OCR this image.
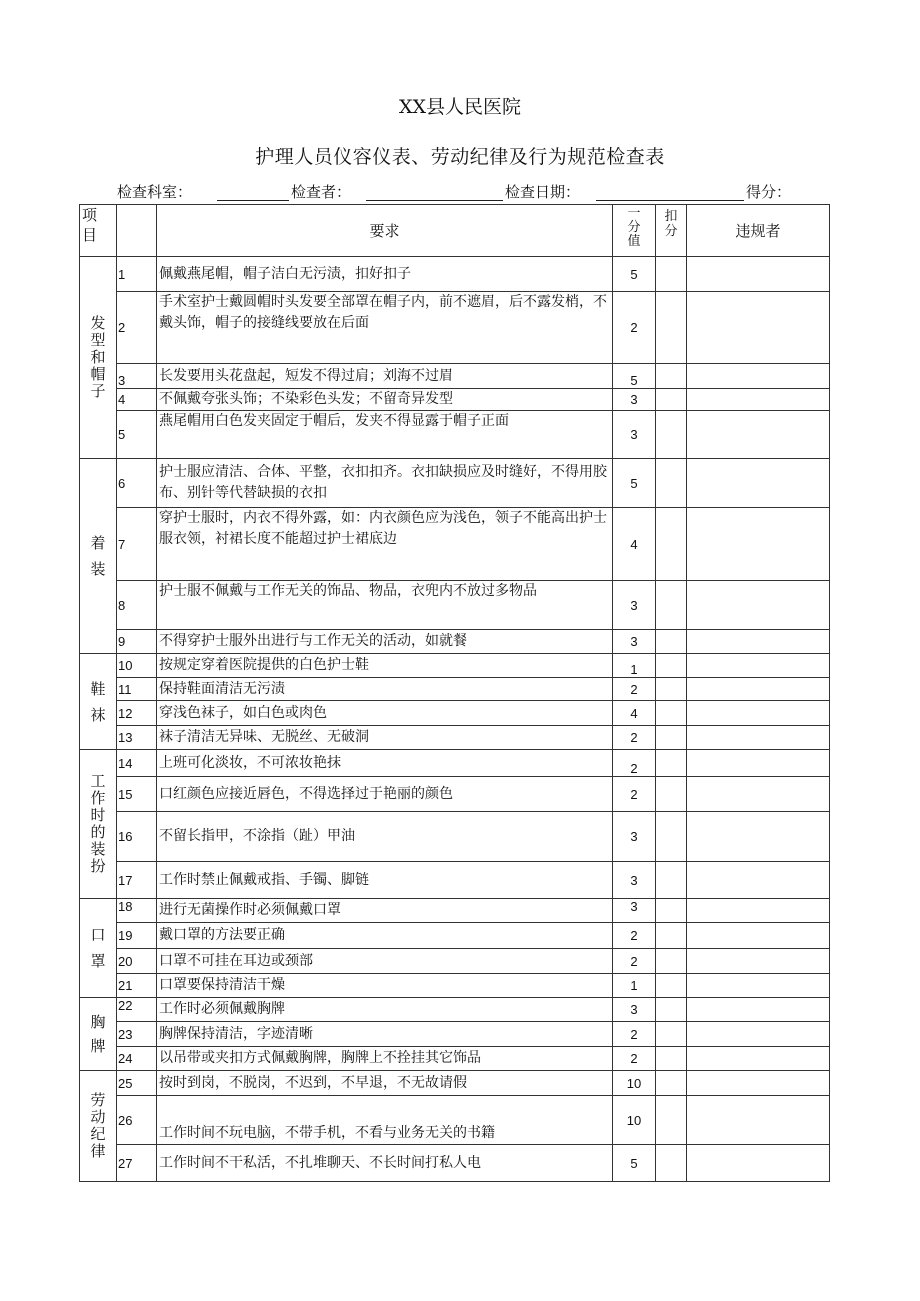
XX县人民医院
护理人员仪容仪表、劳动纪律及行为规范检查表
检查科室：	检查者：	检查日期：	得分：
项目		要求	一分值	扣分	违规者
发型和帽子	1	佩戴燕尾帽，帽子洁白无污渍，扣好扣子	5		
	2	手术室护士戴圆帽时头发要全部罩在帽子内，前不遮眉，后不露发梢，不戴头饰，帽子的接缝线要放在后面	2		
	3	长发要用头花盘起，短发不得过肩；刘海不过眉	5		
	4	不佩戴夸张头饰；不染彩色头发；不留奇异发型	3		
	5	燕尾帽用白色发夹固定于帽后，发夹不得显露于帽子正面	3		
着装	6	护士服应清洁、合体、平整，衣扣扣齐。衣扣缺损应及时缝好，不得用胶布、别针等代替缺损的衣扣	5		
	7	穿护士服时，内衣不得外露，如：内衣颜色应为浅色，领子不能高出护士服衣领，衬裙长度不能超过护士裙底边	4		
	8	护士服不佩戴与工作无关的饰品、物品，衣兜内不放过多物品	3		
	9	不得穿护士服外出进行与工作无关的活动，如就餐	3		
鞋袜	10	按规定穿着医院提供的白色护士鞋	1		
	11	保持鞋面清洁无污渍	2		
	12	穿浅色袜子，如白色或肉色	4		
	13	袜子清洁无异味、无脱丝、无破洞	2		
工作时的装扮	14	上班可化淡妆，不可浓妆艳抹	2		
	15	口红颜色应接近唇色，不得选择过于艳丽的颜色	2		
	16	不留长指甲，不涂指（趾）甲油	3		
	17	工作时禁止佩戴戒指、手镯、脚链	3		
口罩	18	进行无菌操作时必须佩戴口罩	3		
	19	戴口罩的方法要正确	2		
	20	口罩不可挂在耳边或颈部	2		
	21	口罩要保持清洁干燥	1		
胸牌	22	工作时必须佩戴胸牌	3		
	23	胸牌保持清洁，字迹清晰	2		
	24	以吊带或夹扣方式佩戴胸牌，胸牌上不拴挂其它饰品	2		
劳动纪律	25	按时到岗，不脱岗，不迟到，不早退，不无故请假	10		
	26	工作时间不玩电脑，不带手机，不看与业务无关的书籍	10		
	27	工作时间不干私活，不扎堆聊天、不长时间打私人电	5		
